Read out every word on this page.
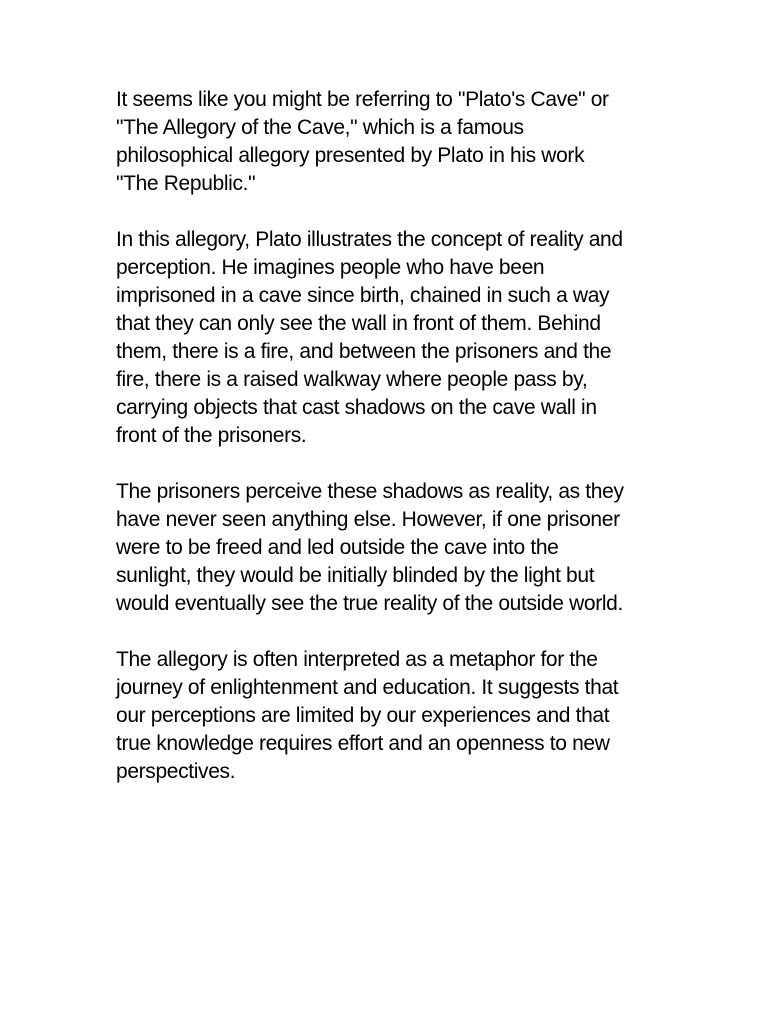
It seems like you might be referring to "Plato's Cave" or
"The Allegory of the Cave," which is a famous
philosophical allegory presented by Plato in his work
"The Republic."

In this allegory, Plato illustrates the concept of reality and
perception. He imagines people who have been
imprisoned in a cave since birth, chained in such a way
that they can only see the wall in front of them. Behind
them, there is a fire, and between the prisoners and the
fire, there is a raised walkway where people pass by,
carrying objects that cast shadows on the cave wall in
front of the prisoners.

The prisoners perceive these shadows as reality, as they
have never seen anything else. However, if one prisoner
were to be freed and led outside the cave into the
sunlight, they would be initially blinded by the light but
would eventually see the true reality of the outside world.

The allegory is often interpreted as a metaphor for the
journey of enlightenment and education. It suggests that
our perceptions are limited by our experiences and that
true knowledge requires effort and an openness to new
perspectives.
